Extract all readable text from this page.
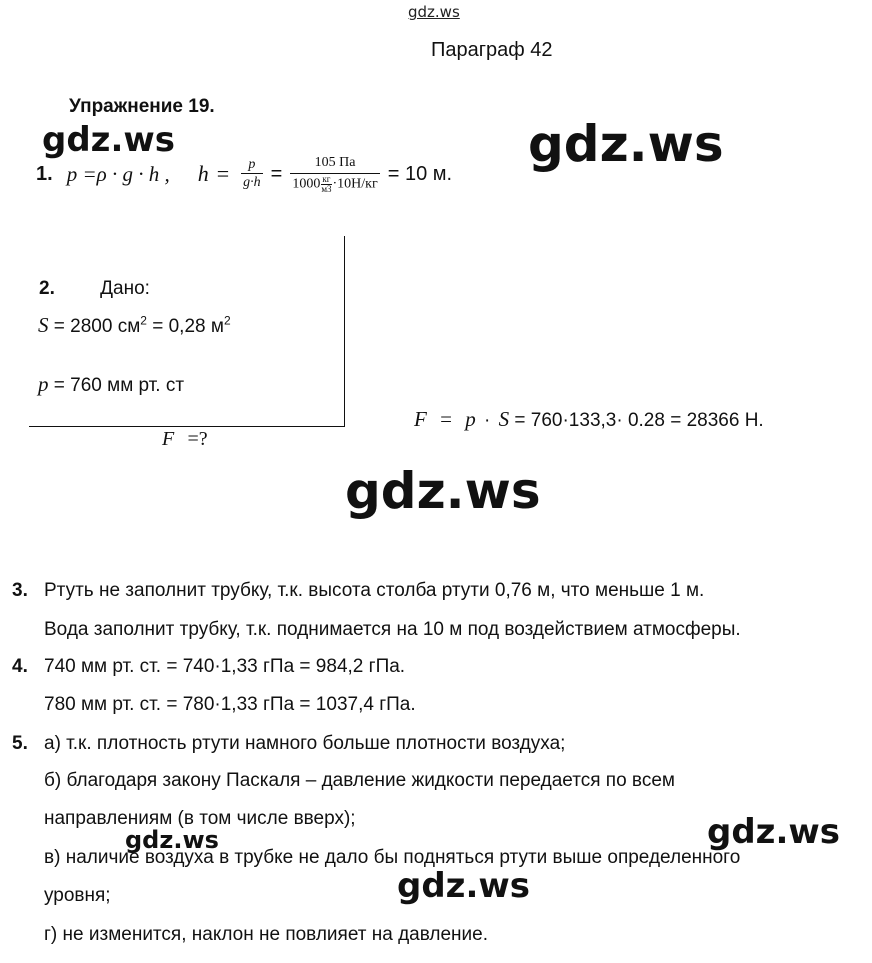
gdz.ws
Параграф 42
Упражнение 19.
gdz.ws	gdz.ws
1. p =ρ · g · h , $h = \frac{p}{g\cdot h} = \frac{105 Па}{1000 \frac{кг}{м3} \cdot 10Н/кг} = 10$ м.
2. Дано:
S = 2800 $см^2 = 0,28$ $м^2$
p = 760 мм рт. ст
F =?
F = p · S = 760·133,3· 0.28 = 28366 Н.
gdz.ws
3. Ртуть не заполнит трубку, т.к. высота столба ртути 0,76 м, что меньше 1 м.
Вода заполнит трубку, т.к. поднимается на 10 м под воздействием атмосферы.
4. 740 мм рт. ст. = 740·1,33 гПа = 984,2 гПа.
780 мм рт. ст. = 780·1,33 гПа = 1037,4 гПа.
5. а) т.к. плотность ртути намного больше плотности воздуха;
б) благодаря закону Паскаля – давление жидкости передается по всем
направлениям (в том числе вверх);
в) наличие воздуха в трубке не дало бы подняться ртути выше определенного
уровня;
г) не изменится, наклон не повлияет на давление.
gdz.ws	gdz.ws
gdz.ws
